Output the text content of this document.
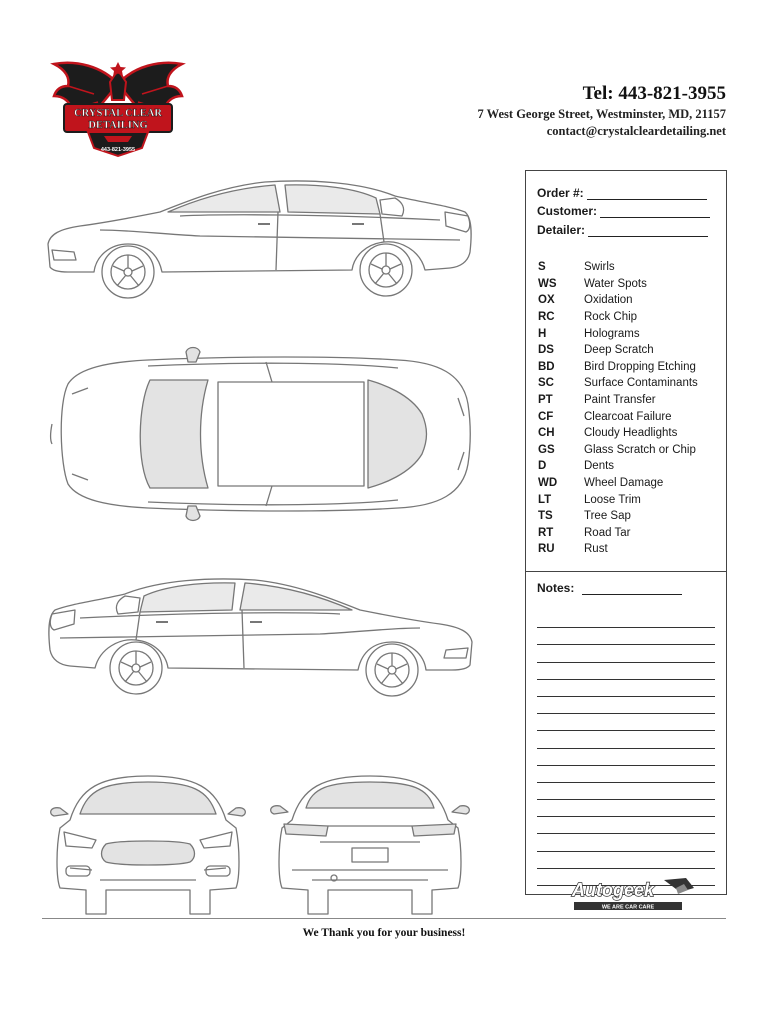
CRYSTAL CLEAR
DETAILING
443-821-3955
Tel: 443-821-3955
7 West George Street, Westminster, MD, 21157
contact@crystalcleardetailing.net
Order #:
Customer:
Detailer:
S	Swirls
WS	Water Spots
OX	Oxidation
RC	Rock Chip
H	Holograms
DS	Deep Scratch
BD	Bird Dropping Etching
SC	Surface Contaminants
PT	Paint Transfer
CF	Clearcoat Failure
CH	Cloudy Headlights
GS	Glass Scratch or Chip
D	Dents
WD	Wheel Damage
LT	Loose Trim
TS	Tree Sap
RT	Road Tar
RU	Rust
Notes:
Autogeek
WE ARE CAR CARE
We Thank you for your business!
